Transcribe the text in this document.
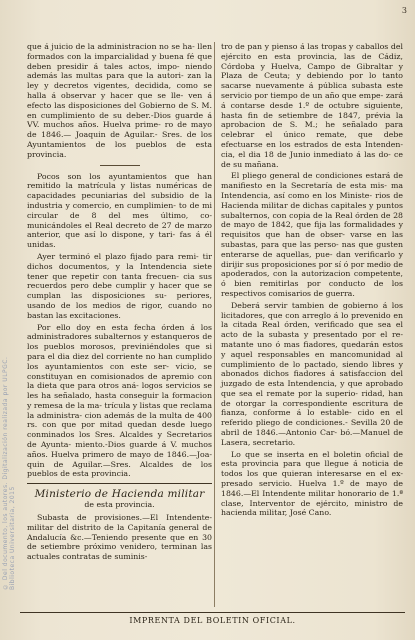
© Del documento, los autores. Digitalización realizada por ULPGC. Biblioteca Universitaria, 2015
3

que á juicio de la administracion no se ha- llen formados con la imparcialidad y buena fé que deben presidir á tales actos, impo- niendo además las multas para que la autori- zan la ley y decretos vigentes, decidida, como se halla á observar y hacer que se lle- ven á efecto las disposiciones del Gobierno de S. M. en cumplimiento de su deber.-Dios guarde á VV. muchos años. Huelva prime- ro de mayo de 1846.— Joaquin de Aguilar.- Sres. de los Ayuntamientos de los pueblos de esta provincia.

Pocos son los ayuntamientos que han remitido la matrícula y listas numéricas de capacidades pecuniarias del subsidio de la industria y comercio, en cumplimien- to de mi circular de 8 del mes último, co- municándoles el Real decreto de 27 de marzo anterior, que así lo dispone, y tari- fas á él unidas.

Ayer terminó el plazo fijado para remi- tir dichos documentos, y la Intendencia siete tener que repetir con tanta frecuen- cia sus recuerdos pero debe cumplir y hacer que se cumplan las disposiciones su- periores, usando de los medios de rigor, cuando no bastan las excitaciones.

Por ello doy en esta fecha órden á los administradores subalternos y estanqueros de los pueblos morosos, previniéndoles que si para el dia diez del corriente no han cumplido los ayuntamientos con este ser- vicio, se constituyan en comisionados de apremio con la dieta que para otros aná- logos servicios se les ha señalado, hasta conseguir la formacion y remesa de la ma- trícula y listas que reclama la administra- cion además de la multa de 400 rs. con que por mitad quedan desde luego conminados los Sres. Alcaldes y Secretarios de Ayunta- miento.-Dios guarde á V. muchos años. Huelva primero de mayo de 1846.—Joa- quin de Aguilar.—Sres. Alcaldes de los pueblos de esta provincia.

Ministerio de Hacienda militar
de esta provincia.

Subasta de provisiones.—El Intendente- militar del distrito de la Capitanía general de Andalucía &c.—Teniendo presente que en 30 de setiembre próximo venidero, terminan las actuales contratas de suminis-

tro de pan y pienso á las tropas y caballos del ejército en esta provincia, las de Cádiz, Córdoba y Huelva, Campo de Gibraltar y Plaza de Ceuta; y debiendo por lo tanto sacarse nuevamente á pública subasta este servicio por tiempo de un año que empe- zará á contarse desde 1.º de octubre siguiente, hasta fin de setiembre de 1847, prévia la aprobacion de S. M.; he señalado para celebrar el único remate, que debe efectuarse en los estrados de esta Intenden- cia, el dia 18 de Junio inmediato á las do- ce de su mañana.

El pliego general de condiciones estará de manifiesto en la Secretaría de esta mis- ma Intendencia, así como en los Ministe- rios de Hacienda militar de dichas capitales y puntos subalternos, con copia de la Real órden de 28 de mayo de 1842, que fija las formalidades y requisitos que han de obser- varse en las subastas, para que las perso- nas que gusten enterarse de aquellas, pue- dan verificarlo y dirijir sus proposiciones por sí ó por medio de apoderados, con la autorizacion competente, ó bien remitirlas por conducto de los respectivos comisarios de guerra.

Deberá servir tambien de gobierno á los licitadores, que con arreglo á lo prevenido en la citada Real órden, verificado que sea el acto de la subasta y presentado por el re- matante uno ó mas fiadores, quedarán estos y aquel responsables en mancomunidad al cumplimiento de lo pactado, siendo libres y abonados dichos fiadores á satisfaccion del juzgado de esta Intendencia, y que aprobado que sea el remate por la superio- ridad, han de otorgar la correspondiente escritura de fianza, conforme á lo estable- cido en el referido pliego de condiciones.- Sevilla 20 de abril de 1846.—Antonio Car- bó.—Manuel de Lasera, secretario.

Lo que se inserta en el boletin oficial de esta provincia para que llegue á noticia de todos los que quieran interesarse en el ex- presado servicio. Huelva 1.º de mayo de 1846.—El Intendente militar honorario de 1.ª clase, Interventor de ejército, ministro de hacienda militar, José Cano.

IMPRENTA DEL BOLETIN OFICIAL.
